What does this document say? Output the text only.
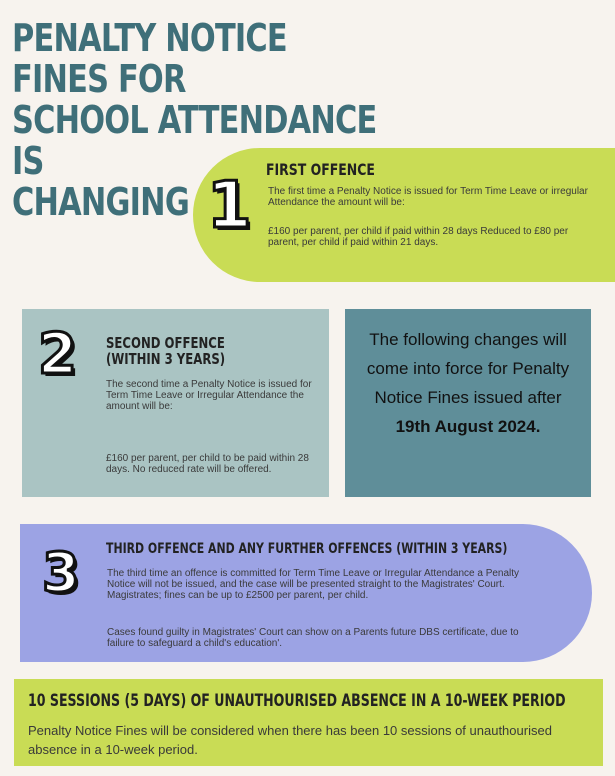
PENALTY NOTICE FINES FOR
SCHOOL ATTENDANCE IS
CHANGING 1 FIRST OFFENCE
The first time a Penalty Notice is issued for Term Time Leave or irregular Attendance the amount will be:
£160 per parent, per child if paid within 28 days Reduced to £80 per parent, per child if paid within 21 days.
2 SECOND OFFENCE
(WITHIN 3 YEARS)
The second time a Penalty Notice is issued for Term Time Leave or Irregular Attendance the amount will be:
£160 per parent, per child to be paid within 28 days. No reduced rate will be offered.
The following changes will come into force for Penalty Notice Fines issued after 19th August 2024.
3 THIRD OFFENCE AND ANY FURTHER OFFENCES (WITHIN 3 YEARS)
The third time an offence is committed for Term Time Leave or Irregular Attendance a Penalty Notice will not be issued, and the case will be presented straight to the Magistrates' Court. Magistrates; fines can be up to £2500 per parent, per child.
Cases found guilty in Magistrates' Court can show on a Parents future DBS certificate, due to failure to safeguard a child's education'.
10 SESSIONS (5 DAYS) OF UNAUTHOURISED ABSENCE IN A 10-WEEK PERIOD
Penalty Notice Fines will be considered when there has been 10 sessions of unauthourised absence in a 10-week period.
